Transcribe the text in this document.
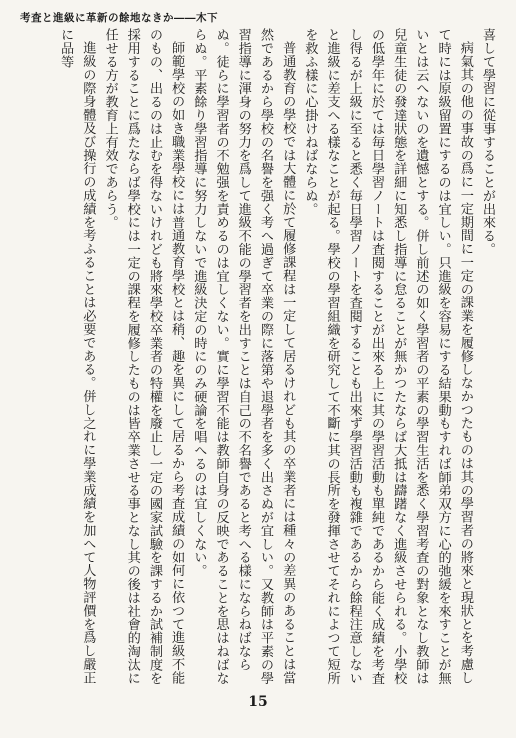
考査と進級に革新の餘地なきか――木下

喜して學習に從事することが出來る。

病氣其の他の事故の爲に一定期間に一定の課業を履修しなかつたものは其の學習者の將來と現狀とを考慮して時には原級留置にするのは宜しい。只進級を容易にする結果動もすれば師弟双方に心的弛緩を來すことが無いとは云へないのを遺憾とする。併し前述の如く學習者の平素の學習生活を悉く學習考査の對象となし教師は兒童生徒の發達狀態を詳細に知悉し指導に怠ることが無かつたならば大抵は躊躇なく進級させられる。小學校の低學年に於ては毎日學習ノートは査閱することが出來る上に其の學習活動も單純であるから能く成績を考査し得るが上級に至ると悉く毎日學習ノートを査閱することも出來ず學習活動も複雜であるから餘程注意しないと進級に差支へる樣なことが起る。學校の學習組織を研究して不斷に其の長所を發揮させてそれによつて短所を救ふ樣に心掛けねばならぬ。

普通教育の學校では大體に於て履修課程は一定して居るけれども其の卒業者には種々の差異のあることは當然であるから學校の名譽を强く考へ過ぎて卒業の際に落第や退學者を多く出さぬが宜しい。又教師は平素の學習指導に渾身の努力を爲して進級不能の學習者を出すことは自己の不名譽であると考へる樣にならねばならぬ。徒らに學習者の不勉强を責めるのは宜しくない。實に學習不能は教師自身の反映であることを思はねばならぬ。平素餘り學習指導に努力しないで進級決定の時にのみ硬論を唱へるのは宜しくない。

師範學校の如き職業學校には普通教育學校とは稍、趣を異にして居るから考査成績の如何に依つて進級不能のもの、出るのは止むを得ないけれども將來學校卒業者の特權を廢止し一定の國家試驗を課するか試補制度を採用することに爲たならば學校には一定の課程を履修したものは皆卒業させる事となし其の後は社會的淘汰に任せる方が教育上有效であらう。

進級の際身體及び操行の成績を考ふることは必要である。併し之れに學業成績を加へて人物評價を爲し嚴正に品等

15
